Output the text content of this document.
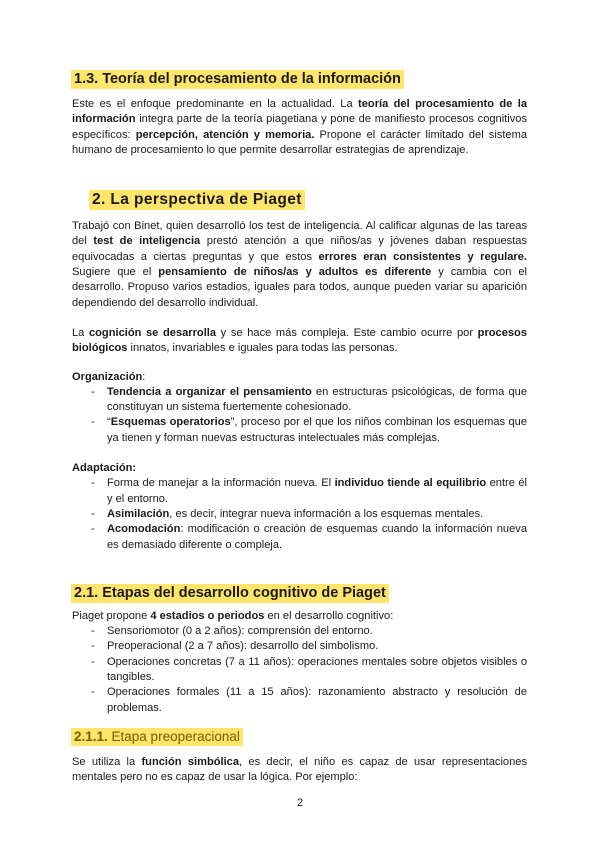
1.3. Teoría del procesamiento de la información

Este es el enfoque predominante en la actualidad. La teoría del procesamiento de la información integra parte de la teoría piagetiana y pone de manifiesto procesos cognitivos específicos: percepción, atención y memoria. Propone el carácter limitado del sistema humano de procesamiento lo que permite desarrollar estrategias de aprendizaje.

2. La perspectiva de Piaget

Trabajó con Binet, quien desarrolló los test de inteligencia. Al calificar algunas de las tareas del test de inteligencia prestó atención a que niños/as y jóvenes daban respuestas equivocadas a ciertas preguntas y que estos errores eran consistentes y regulare. Sugiere que el pensamiento de niños/as y adultos es diferente y cambia con el desarrollo. Propuso varios estadios, iguales para todos, aunque pueden variar su aparición dependiendo del desarrollo individual.

La cognición se desarrolla y se hace más compleja. Este cambio ocurre por procesos biológicos innatos, invariables e iguales para todas las personas.

Organización:
- Tendencia a organizar el pensamiento en estructuras psicológicas, de forma que constituyan un sistema fuertemente cohesionado.
- “Esquemas operatorios”, proceso por el que los niños combinan los esquemas que ya tienen y forman nuevas estructuras intelectuales más complejas.
Adaptación:
- Forma de manejar a la información nueva. El individuo tiende al equilibrio entre él y el entorno.
- Asimilación, es decir, integrar nueva información a los esquemas mentales.
- Acomodación: modificación o creación de esquemas cuando la información nueva es demasiado diferente o compleja.
2.1. Etapas del desarrollo cognitivo de Piaget

Piaget propone 4 estadios o periodos en el desarrollo cognitivo:

- Sensoriomotor (0 a 2 años): comprensión del entorno.
- Preoperacional (2 a 7 años): desarrollo del simbolismo.
- Operaciones concretas (7 a 11 años): operaciones mentales sobre objetos visibles o tangibles.
- Operaciones formales (11 a 15 años): razonamiento abstracto y resolución de problemas.
2.1.1. Etapa preoperacional

Se utiliza la función simbólica, es decir, el niño es capaz de usar representaciones mentales pero no es capaz de usar la lógica. Por ejemplo:

2
